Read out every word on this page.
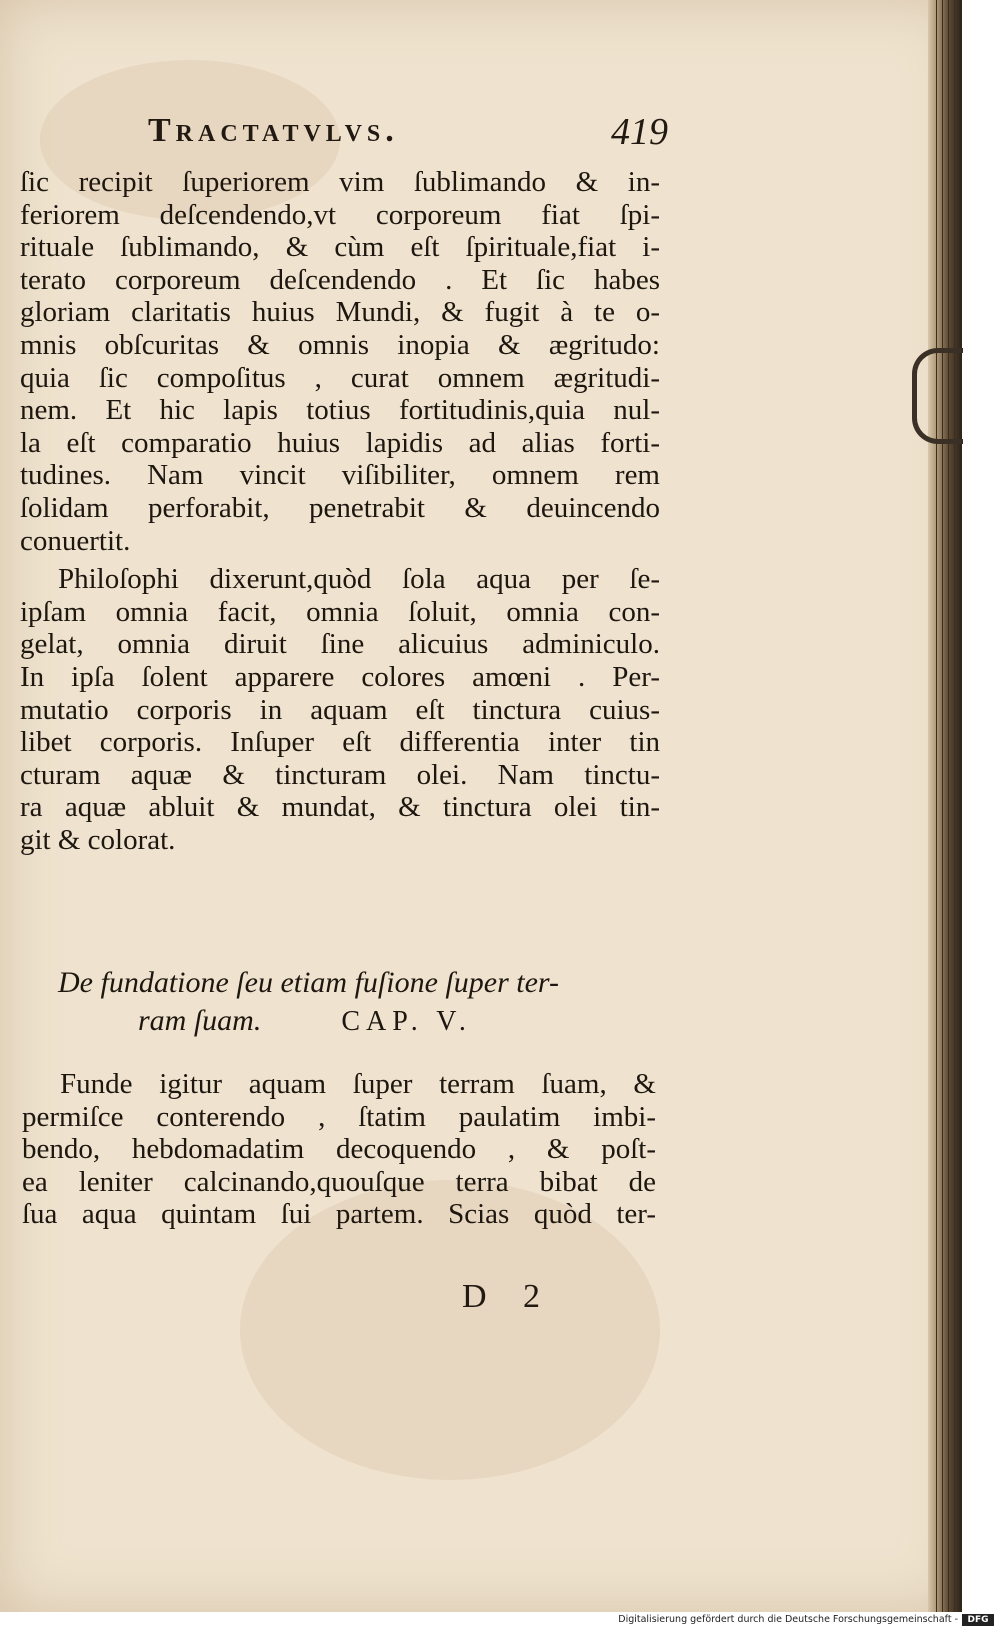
Tractatvlvs.	419
ſic recipit ſuperiorem vim ſublimando & in-
feriorem deſcendendo,vt corporeum fiat ſpi-
rituale ſublimando, & cùm eſt ſpirituale,fiat i-
terato corporeum deſcendendo . Et ſic habes
gloriam claritatis huius Mundi, & fugit à te o-
mnis obſcuritas & omnis inopia & ægritudo:
quia ſic compoſitus , curat omnem ægritudi-
nem. Et hic lapis totius fortitudinis,quia nul-
la eſt comparatio huius lapidis ad alias forti-
tudines. Nam vincit viſibiliter, omnem rem
ſolidam perforabit, penetrabit & deuincendo
conuertit.
Philoſophi dixerunt,quòd ſola aqua per ſe-
ipſam omnia facit, omnia ſoluit, omnia con-
gelat, omnia diruit ſine alicuius adminiculo.
In ipſa ſolent apparere colores amœni . Per-
mutatio corporis in aquam eſt tinctura cuius-
libet corporis. Inſuper eſt differentia inter tin
cturam aquæ & tincturam olei. Nam tinctu-
ra aquæ abluit & mundat, & tinctura olei tin-
git & colorat.
De fundatione ſeu etiam fuſione ſuper ter-
ram ſuam.	CAP. V.
Funde igitur aquam ſuper terram ſuam, &
permiſce conterendo , ſtatim paulatim imbi-
bendo, hebdomadatim decoquendo , & poſt-
ea leniter calcinando,quouſque terra bibat de
ſua aqua quintam ſui partem. Scias quòd ter-
D 2
Digitalisierung gefördert durch die Deutsche Forschungsgemeinschaft -	DFG
